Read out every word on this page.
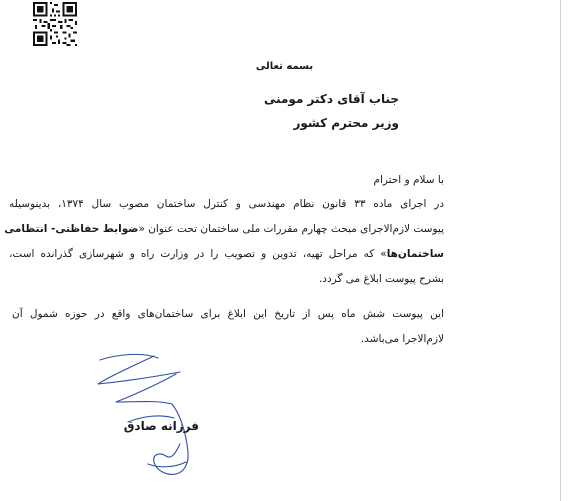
بسمه تعالی
جناب آقای دکتر مومنی
وزیر محترم کشور
با سلام و احترام
در اجرای ماده ۳۳ قانون نظام مهندسی و کنترل ساختمان مصوب سال ۱۳۷۴، بدینوسیله
پیوست لازم‌الاجرای مبحث چهارم مقررات ملی ساختمان تحت عنوان «ضوابط حفاظتی- انتظامی
ساختمان‌ها» که مراحل تهیه، تدوین و تصویب را در وزارت راه و شهرسازی گذرانده است،
بشرح پیوست ابلاغ می گردد.
این پیوست شش ماه پس از تاریخ این ابلاغ برای ساختمان‌های واقع در حوزه شمول آن
لازم‌الاجرا می‌باشد.
فرزانه صادق
